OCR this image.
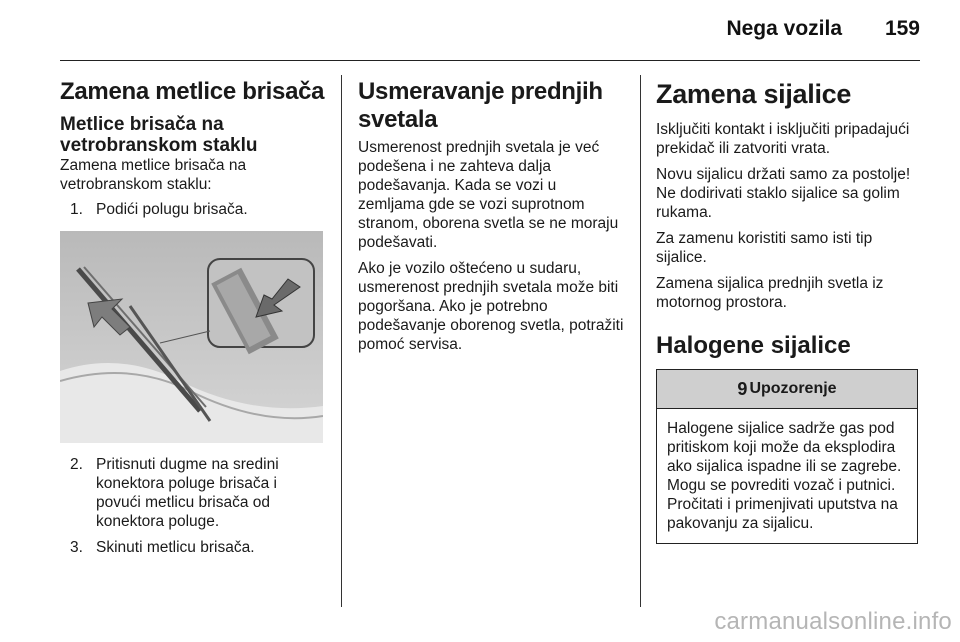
Nega vozila 159
Zamena metlice brisača
Metlice brisača na vetrobranskom staklu
Zamena metlice brisača na vetrobranskom staklu:
1. Podići polugu brisača.
2. Pritisnuti dugme na sredini konektora poluge brisača i povući metlicu brisača od konektora poluge.
3. Skinuti metlicu brisača.
Usmeravanje prednjih svetala
Usmerenost prednjih svetala je već podešena i ne zahteva dalja podešavanja. Kada se vozi u zemljama gde se vozi suprotnom stranom, oborena svetla se ne moraju podešavati.
Ako je vozilo oštećeno u sudaru, usmerenost prednjih svetala može biti pogoršana. Ako je potrebno podešavanje oborenog svetla, potražiti pomoć servisa.
Zamena sijalice
Isključiti kontakt i isključiti pripadajući prekidač ili zatvoriti vrata.
Novu sijalicu držati samo za postolje! Ne dodirivati staklo sijalice sa golim rukama.
Za zamenu koristiti samo isti tip sijalice.
Zamena sijalica prednjih svetla iz motornog prostora.
Halogene sijalice
9 Upozorenje
Halogene sijalice sadrže gas pod pritiskom koji može da eksplodira ako sijalica ispadne ili se zagrebe. Mogu se povrediti vozač i putnici. Pročitati i primenjivati uputstva na pakovanju za sijalicu.
carmanualsonline.info
